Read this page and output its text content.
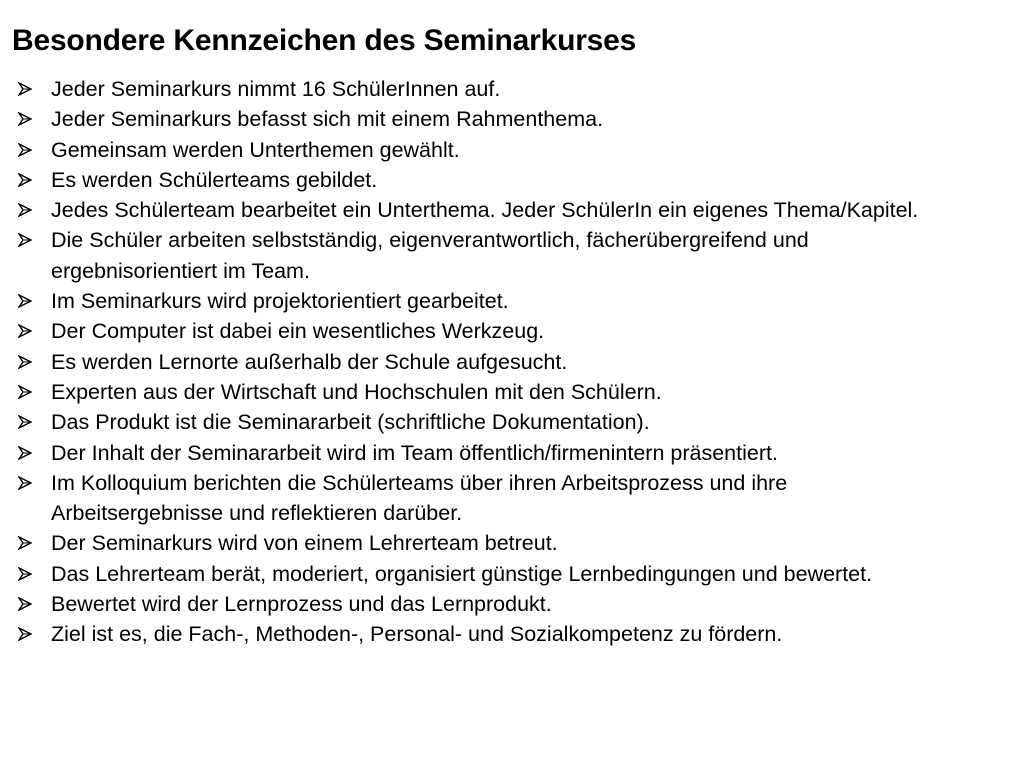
Besondere Kennzeichen des Seminarkurses
Jeder Seminarkurs nimmt 16 SchülerInnen auf.
Jeder Seminarkurs befasst sich mit einem Rahmenthema.
Gemeinsam werden Unterthemen gewählt.
Es werden Schülerteams gebildet.
Jedes Schülerteam bearbeitet ein Unterthema. Jeder SchülerIn ein eigenes Thema/Kapitel.
Die Schüler arbeiten selbstständig, eigenverantwortlich, fächerübergreifend und ergebnisorientiert im Team.
Im Seminarkurs wird projektorientiert gearbeitet.
Der Computer ist dabei ein wesentliches Werkzeug.
Es werden Lernorte außerhalb der Schule aufgesucht.
Experten aus der Wirtschaft und Hochschulen mit den Schülern.
Das Produkt ist die Seminararbeit (schriftliche Dokumentation).
Der Inhalt der Seminararbeit wird im Team öffentlich/firmenintern präsentiert.
Im Kolloquium berichten die Schülerteams über ihren Arbeitsprozess und ihre Arbeitsergebnisse und reflektieren darüber.
Der Seminarkurs wird von einem Lehrerteam betreut.
Das Lehrerteam berät, moderiert, organisiert günstige Lernbedingungen und bewertet.
Bewertet wird der Lernprozess und das Lernprodukt.
Ziel ist es, die Fach-, Methoden-, Personal- und Sozialkompetenz zu fördern.
